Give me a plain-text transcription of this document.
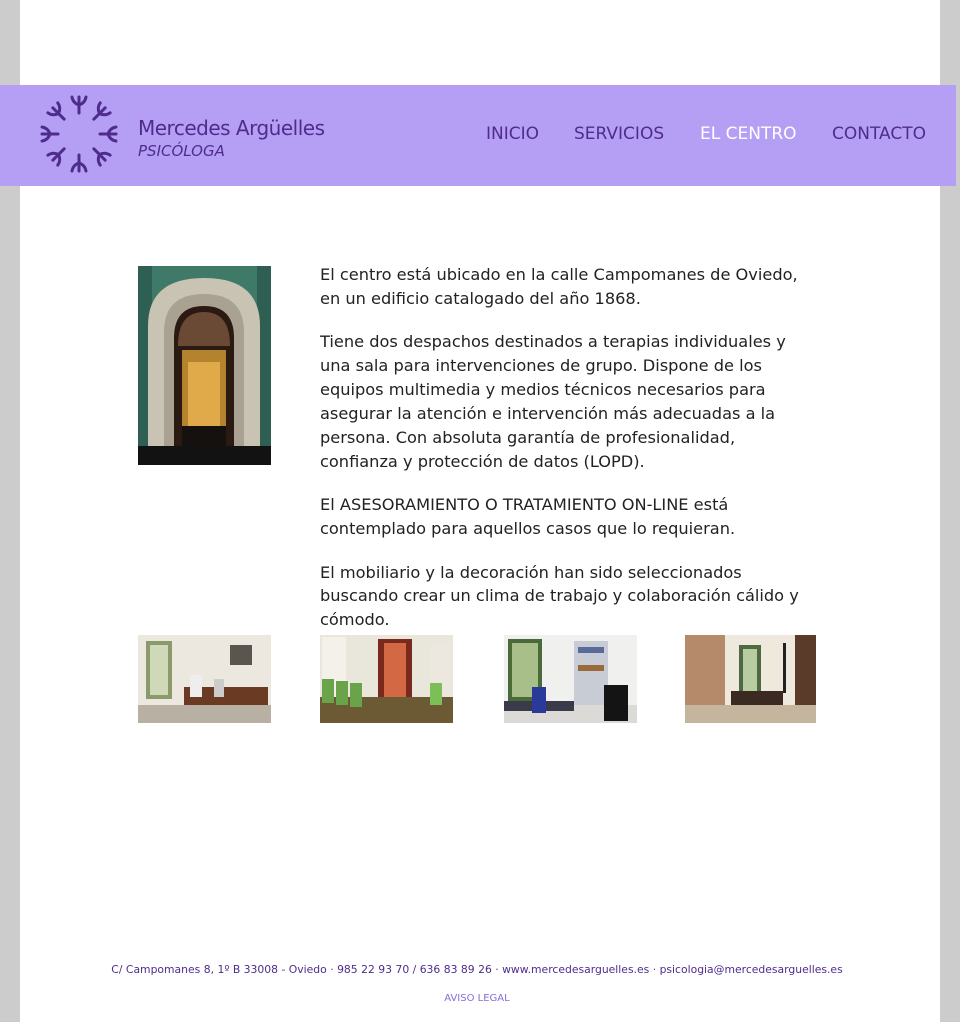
Mercedes Argüelles
PSICÓLOGA
INICIO SERVICIOS EL CENTRO CONTACTO

El centro está ubicado en la calle Campomanes de Oviedo, en un edificio catalogado del año 1868.

Tiene dos despachos destinados a terapias individuales y una sala para intervenciones de grupo. Dispone de los equipos multimedia y medios técnicos necesarios para asegurar la atención e intervención más adecuadas a la persona. Con absoluta garantía de profesionalidad, confianza y protección de datos (LOPD).

El ASESORAMIENTO O TRATAMIENTO ON-LINE está contemplado para aquellos casos que lo requieran.

El mobiliario y la decoración han sido seleccionados buscando crear un clima de trabajo y colaboración cálido y cómodo.

C/ Campomanes 8, 1º B 33008 - Oviedo · 985 22 93 70 / 636 83 89 26 · www.mercedesarguelles.es · psicologia@mercedesarguelles.es
AVISO LEGAL
